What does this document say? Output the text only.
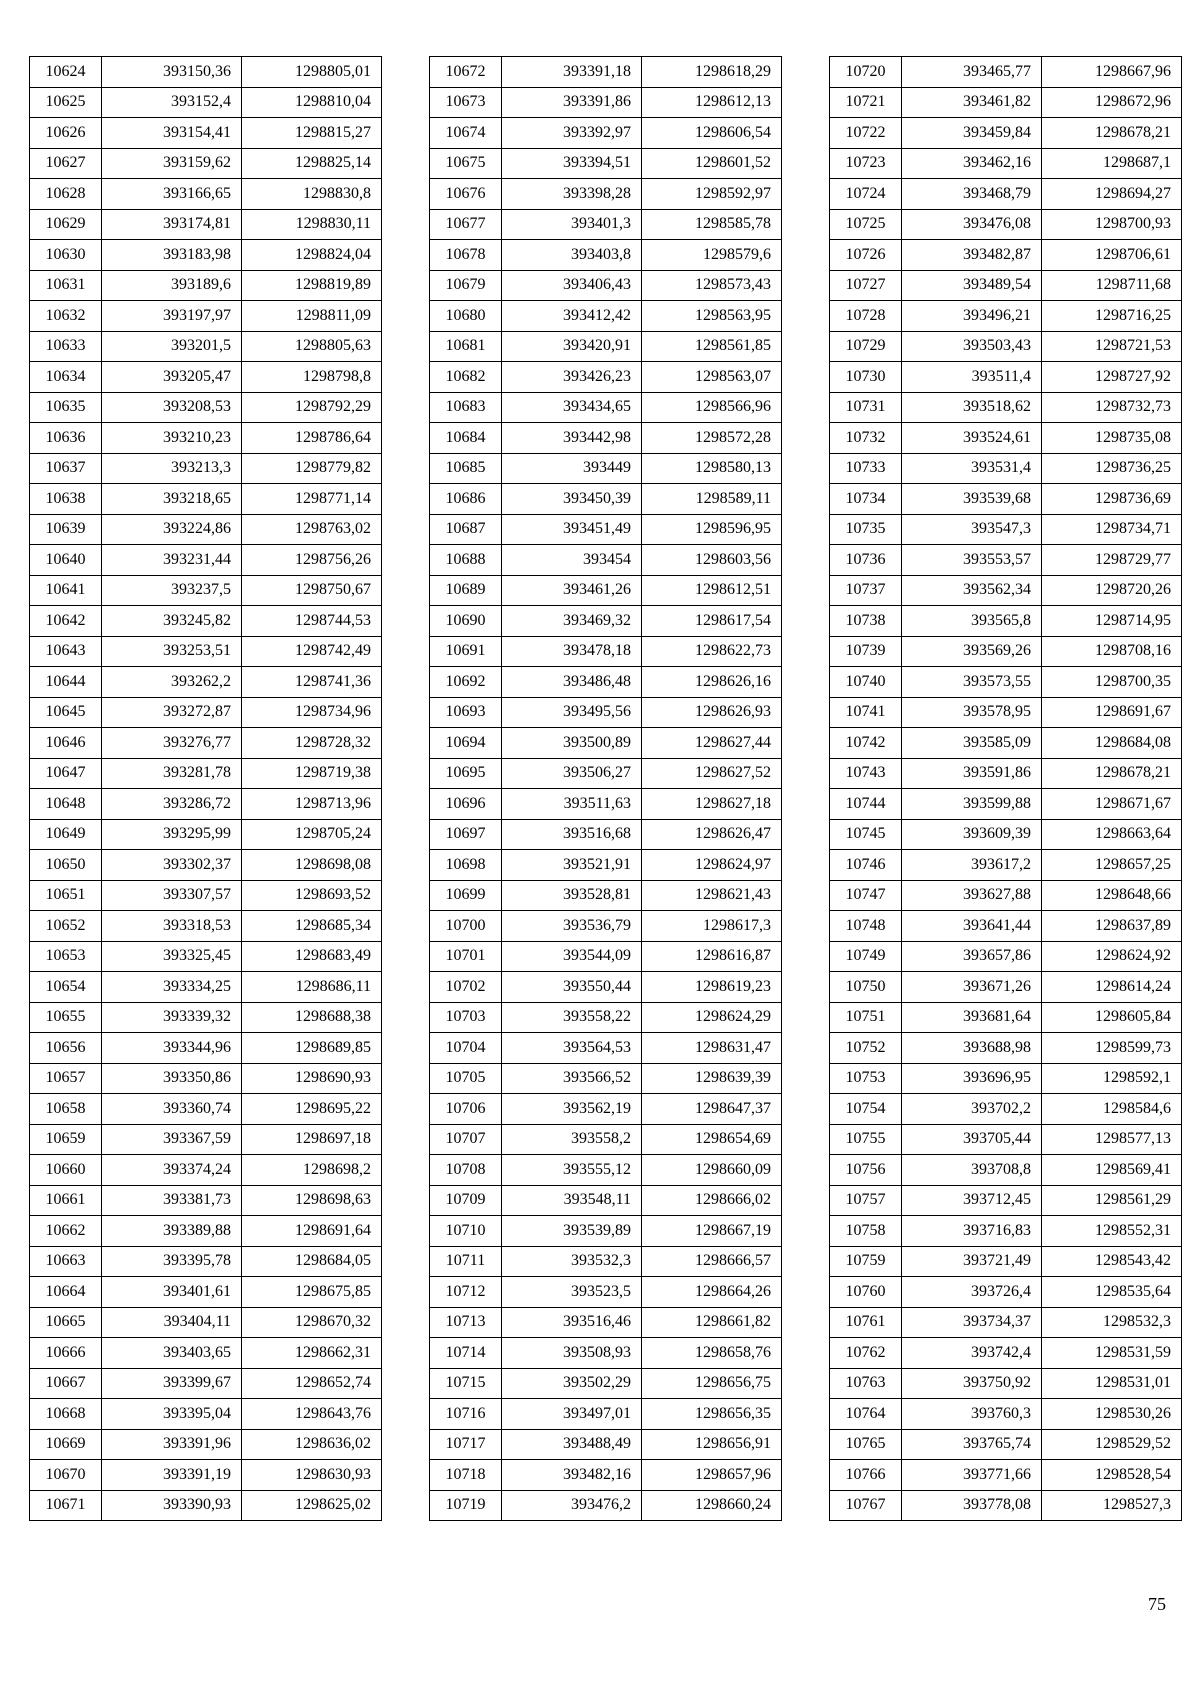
10624	393150,36	1298805,01
10625	393152,4	1298810,04
10626	393154,41	1298815,27
10627	393159,62	1298825,14
10628	393166,65	1298830,8
10629	393174,81	1298830,11
10630	393183,98	1298824,04
10631	393189,6	1298819,89
10632	393197,97	1298811,09
10633	393201,5	1298805,63
10634	393205,47	1298798,8
10635	393208,53	1298792,29
10636	393210,23	1298786,64
10637	393213,3	1298779,82
10638	393218,65	1298771,14
10639	393224,86	1298763,02
10640	393231,44	1298756,26
10641	393237,5	1298750,67
10642	393245,82	1298744,53
10643	393253,51	1298742,49
10644	393262,2	1298741,36
10645	393272,87	1298734,96
10646	393276,77	1298728,32
10647	393281,78	1298719,38
10648	393286,72	1298713,96
10649	393295,99	1298705,24
10650	393302,37	1298698,08
10651	393307,57	1298693,52
10652	393318,53	1298685,34
10653	393325,45	1298683,49
10654	393334,25	1298686,11
10655	393339,32	1298688,38
10656	393344,96	1298689,85
10657	393350,86	1298690,93
10658	393360,74	1298695,22
10659	393367,59	1298697,18
10660	393374,24	1298698,2
10661	393381,73	1298698,63
10662	393389,88	1298691,64
10663	393395,78	1298684,05
10664	393401,61	1298675,85
10665	393404,11	1298670,32
10666	393403,65	1298662,31
10667	393399,67	1298652,74
10668	393395,04	1298643,76
10669	393391,96	1298636,02
10670	393391,19	1298630,93
10671	393390,93	1298625,02
10672	393391,18	1298618,29
10673	393391,86	1298612,13
10674	393392,97	1298606,54
10675	393394,51	1298601,52
10676	393398,28	1298592,97
10677	393401,3	1298585,78
10678	393403,8	1298579,6
10679	393406,43	1298573,43
10680	393412,42	1298563,95
10681	393420,91	1298561,85
10682	393426,23	1298563,07
10683	393434,65	1298566,96
10684	393442,98	1298572,28
10685	393449	1298580,13
10686	393450,39	1298589,11
10687	393451,49	1298596,95
10688	393454	1298603,56
10689	393461,26	1298612,51
10690	393469,32	1298617,54
10691	393478,18	1298622,73
10692	393486,48	1298626,16
10693	393495,56	1298626,93
10694	393500,89	1298627,44
10695	393506,27	1298627,52
10696	393511,63	1298627,18
10697	393516,68	1298626,47
10698	393521,91	1298624,97
10699	393528,81	1298621,43
10700	393536,79	1298617,3
10701	393544,09	1298616,87
10702	393550,44	1298619,23
10703	393558,22	1298624,29
10704	393564,53	1298631,47
10705	393566,52	1298639,39
10706	393562,19	1298647,37
10707	393558,2	1298654,69
10708	393555,12	1298660,09
10709	393548,11	1298666,02
10710	393539,89	1298667,19
10711	393532,3	1298666,57
10712	393523,5	1298664,26
10713	393516,46	1298661,82
10714	393508,93	1298658,76
10715	393502,29	1298656,75
10716	393497,01	1298656,35
10717	393488,49	1298656,91
10718	393482,16	1298657,96
10719	393476,2	1298660,24
10720	393465,77	1298667,96
10721	393461,82	1298672,96
10722	393459,84	1298678,21
10723	393462,16	1298687,1
10724	393468,79	1298694,27
10725	393476,08	1298700,93
10726	393482,87	1298706,61
10727	393489,54	1298711,68
10728	393496,21	1298716,25
10729	393503,43	1298721,53
10730	393511,4	1298727,92
10731	393518,62	1298732,73
10732	393524,61	1298735,08
10733	393531,4	1298736,25
10734	393539,68	1298736,69
10735	393547,3	1298734,71
10736	393553,57	1298729,77
10737	393562,34	1298720,26
10738	393565,8	1298714,95
10739	393569,26	1298708,16
10740	393573,55	1298700,35
10741	393578,95	1298691,67
10742	393585,09	1298684,08
10743	393591,86	1298678,21
10744	393599,88	1298671,67
10745	393609,39	1298663,64
10746	393617,2	1298657,25
10747	393627,88	1298648,66
10748	393641,44	1298637,89
10749	393657,86	1298624,92
10750	393671,26	1298614,24
10751	393681,64	1298605,84
10752	393688,98	1298599,73
10753	393696,95	1298592,1
10754	393702,2	1298584,6
10755	393705,44	1298577,13
10756	393708,8	1298569,41
10757	393712,45	1298561,29
10758	393716,83	1298552,31
10759	393721,49	1298543,42
10760	393726,4	1298535,64
10761	393734,37	1298532,3
10762	393742,4	1298531,59
10763	393750,92	1298531,01
10764	393760,3	1298530,26
10765	393765,74	1298529,52
10766	393771,66	1298528,54
10767	393778,08	1298527,3
75
